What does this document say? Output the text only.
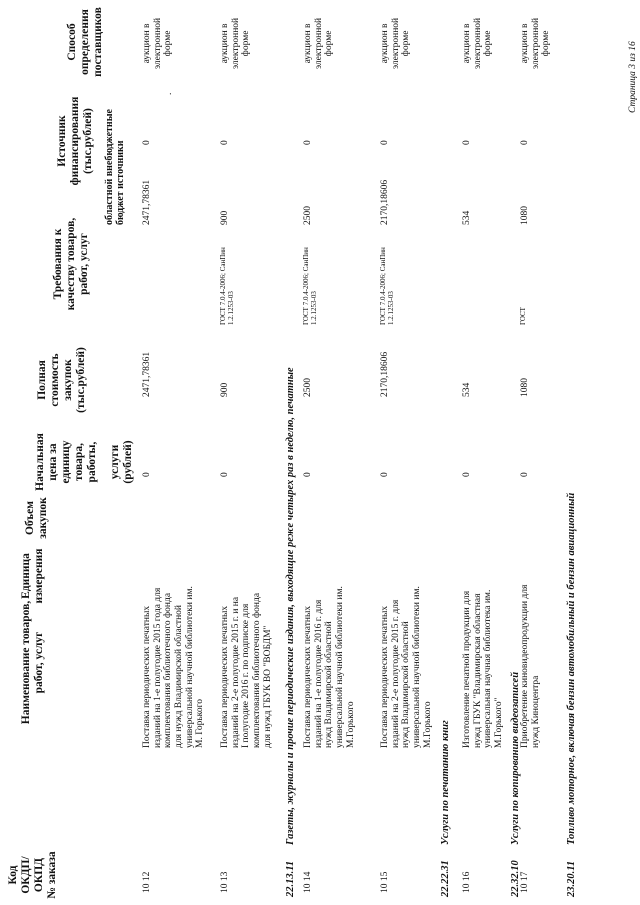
Код ОКДП/ ОКПД № заказа
Наименование товаров, работ, услуг
Единица измерения
Объем закупок
Начальная цена за единицу товара, работы, услуги (рублей)
Полная стоимость закупок (тыс.рублей)
Требования к качеству товаров, работ, услуг
Источник финансирования (тыс.рублей) областной внебюджетные бюджет источники
Способ определения поставщиков
.
10 12
Поставка периодических печатных изданий на 1-е полугодие 2015 года для комплектования библиотечного фонда для нужд Владимирской областной универсальной научной библиотеки им. М. Горького
0
2471,78361
2471,78361
0
аукцион в электронной форме
10 13
Поставка периодических печатных изданий на 2-е полугодие 2015 г. и на I полугодие 2016 г. по подписке для комплектования библиотечного фонда для нужд ГБУК ВО "ВОБДМ"
0
900
ГОСТ 7.0.4-2006; СанПин 1.2.1253-03
900
0
аукцион в электронной форме
10 14
Поставка периодических печатных изданий на 1-е полугодие 2016 г. для нужд Владимирской областной универсальной научной библиотеки им. М.Горького
0
2500
ГОСТ 7.0.4-2006; СанПин 1.2.1253-03
2500
0
аукцион в электронной форме
10 15
Поставка периодических печатных изданий на 2-е полугодие 2015 г. для нужд Владимирской областной универсальной научной библиотеки им. М.Горького
0
2170,18606
ГОСТ 7.0.4-2006; СанПин 1.2.1253-03
2170,18606
0
аукцион в электронной форме
10 16
Изготовление печатной продукции для нужд ГБУК "Владимирская областная универсальная научная библиотека им. М.Горького"
0
534
534
0
аукцион в электронной форме
10 17
Приобретение киновидеопродукции для нужд Киноцентра
0
1080
ГОСТ
1080
0
аукцион в электронной форме
22.13.11
Газеты, журналы и прочие периодические издания, выходящие реже четырех раз в неделю, печатные
22.22.31
Услуги по печатанию книг
22.32.10
Услуги по копированию видеозаписей
23.20.11
Топливо моторное, включая бензин автомобильный и бензин авиационный
Страница 3 из 16
